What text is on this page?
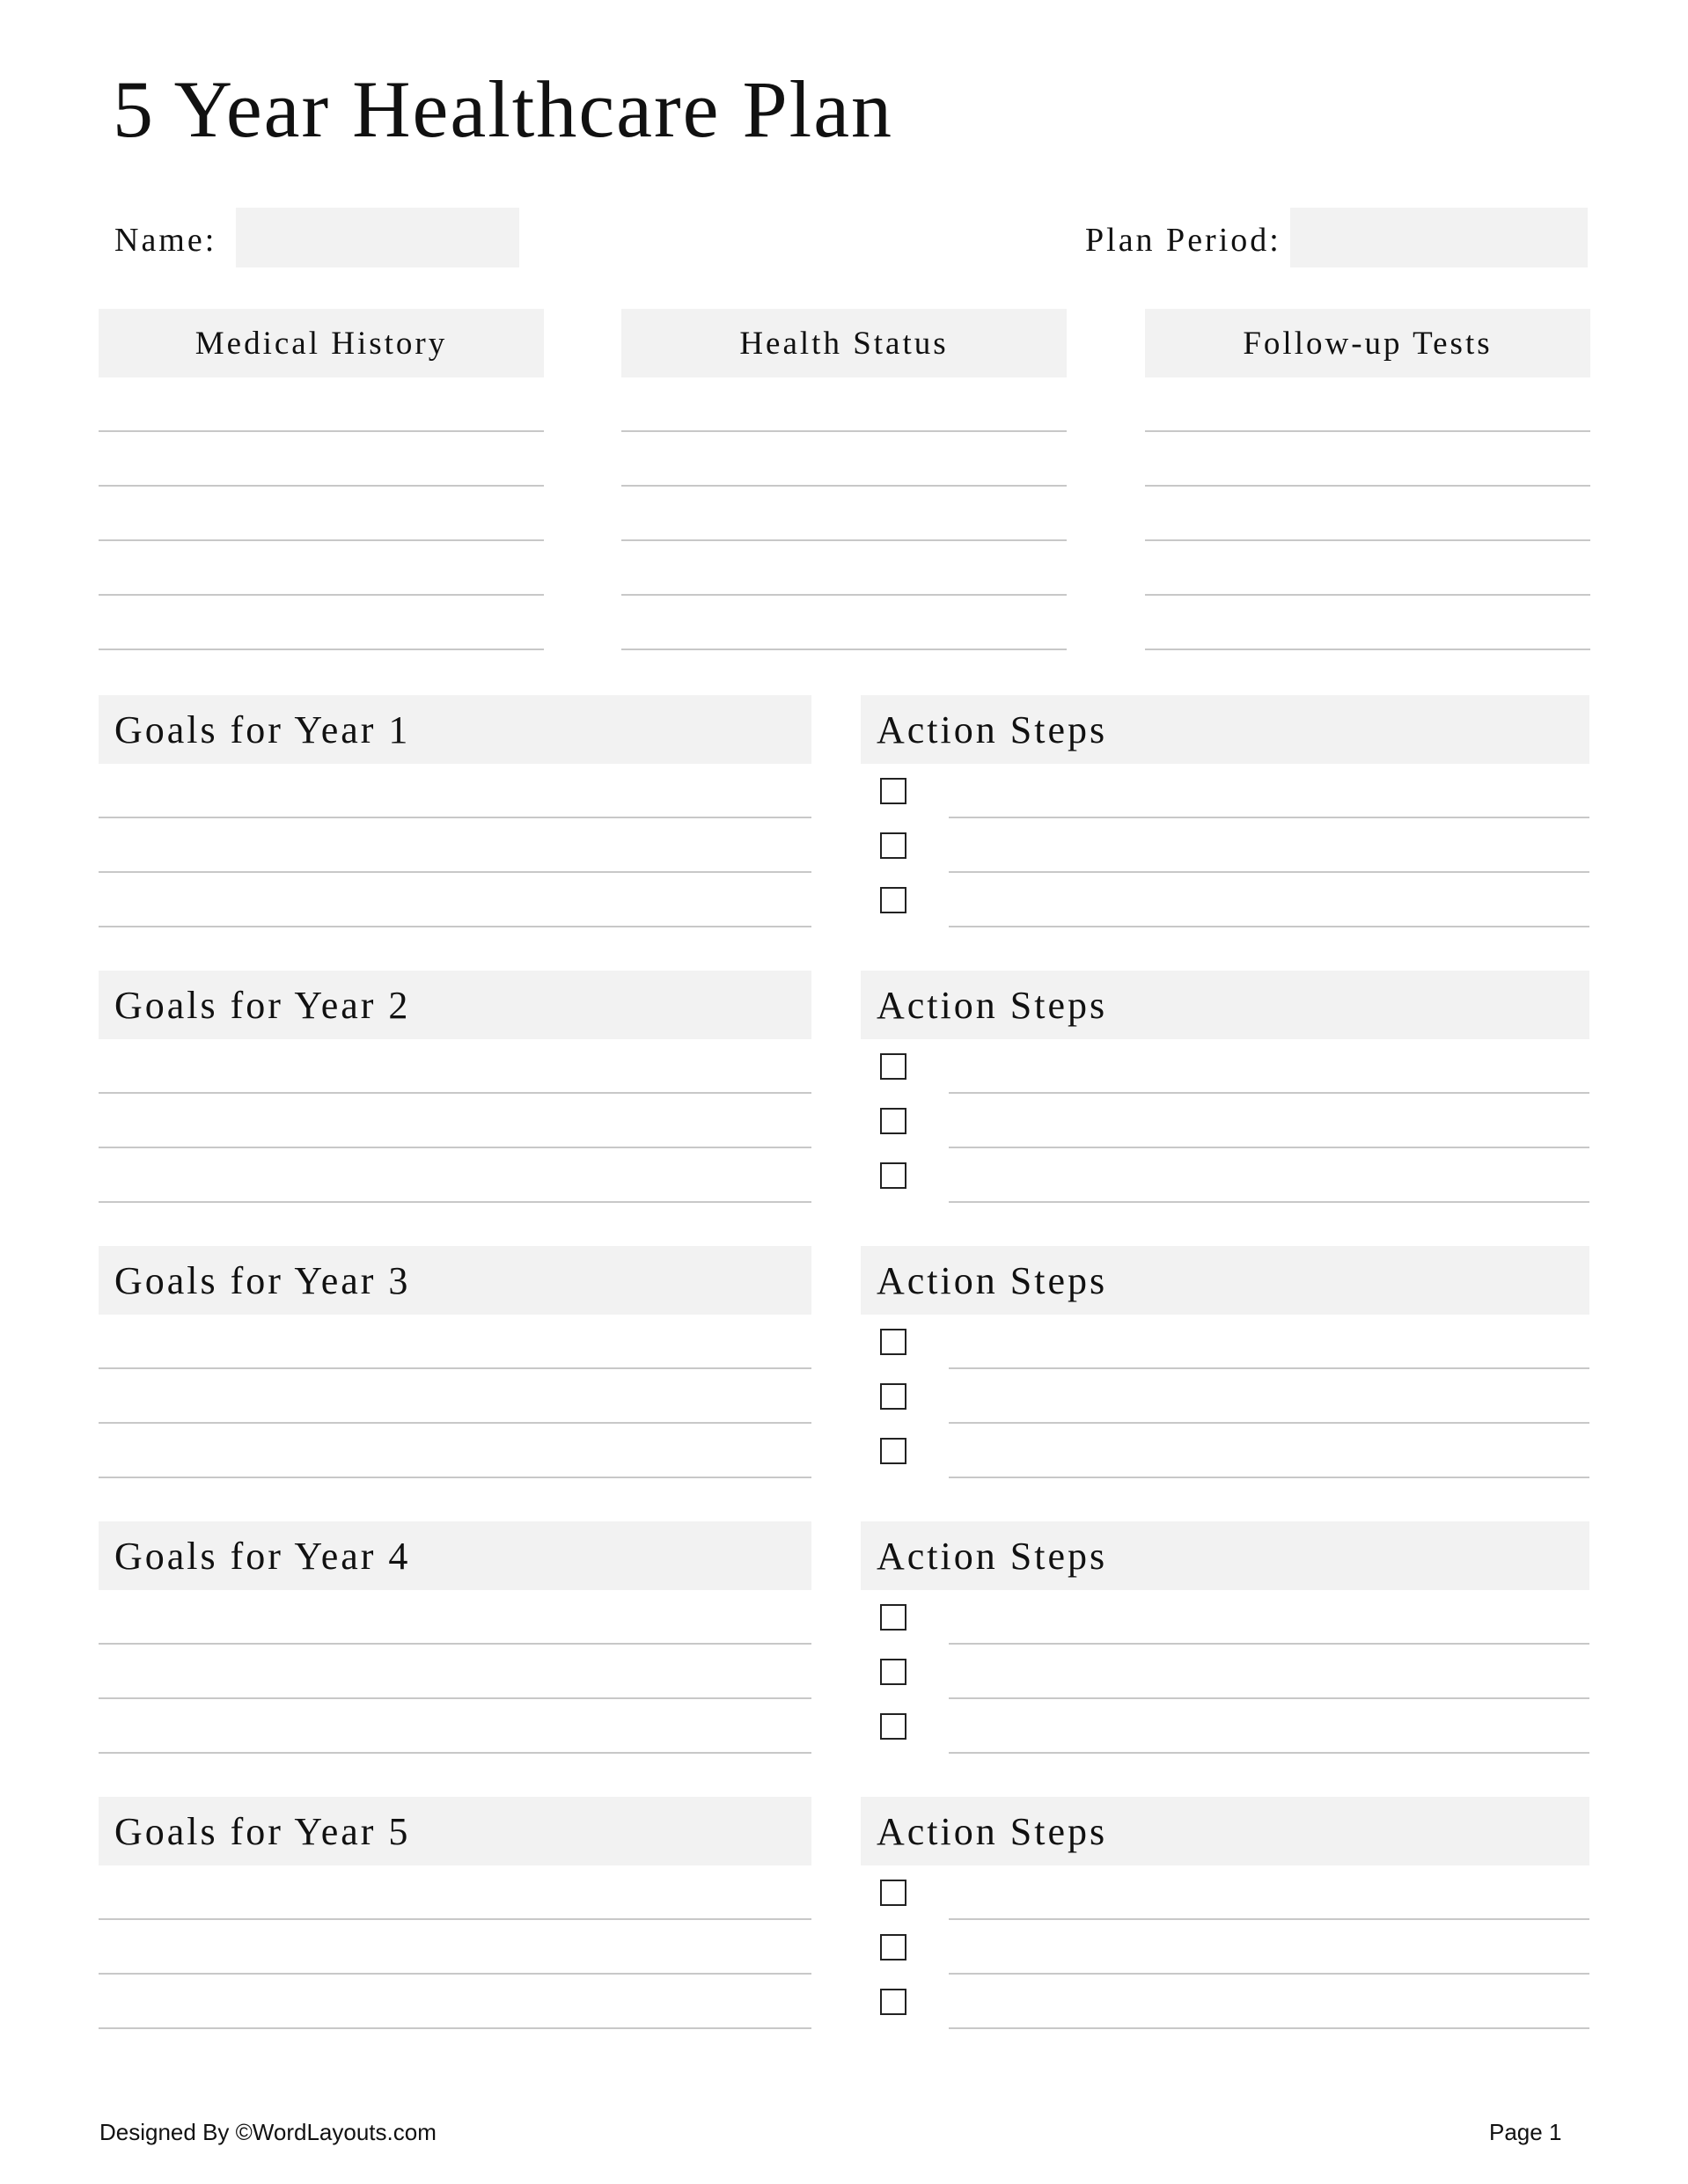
5 Year Healthcare Plan
Name:	Plan Period:
Medical History	Health Status	Follow-up Tests
Goals for Year 1	Action Steps
Goals for Year 2	Action Steps
Goals for Year 3	Action Steps
Goals for Year 4	Action Steps
Goals for Year 5	Action Steps
Designed By ©WordLayouts.com	Page 1
